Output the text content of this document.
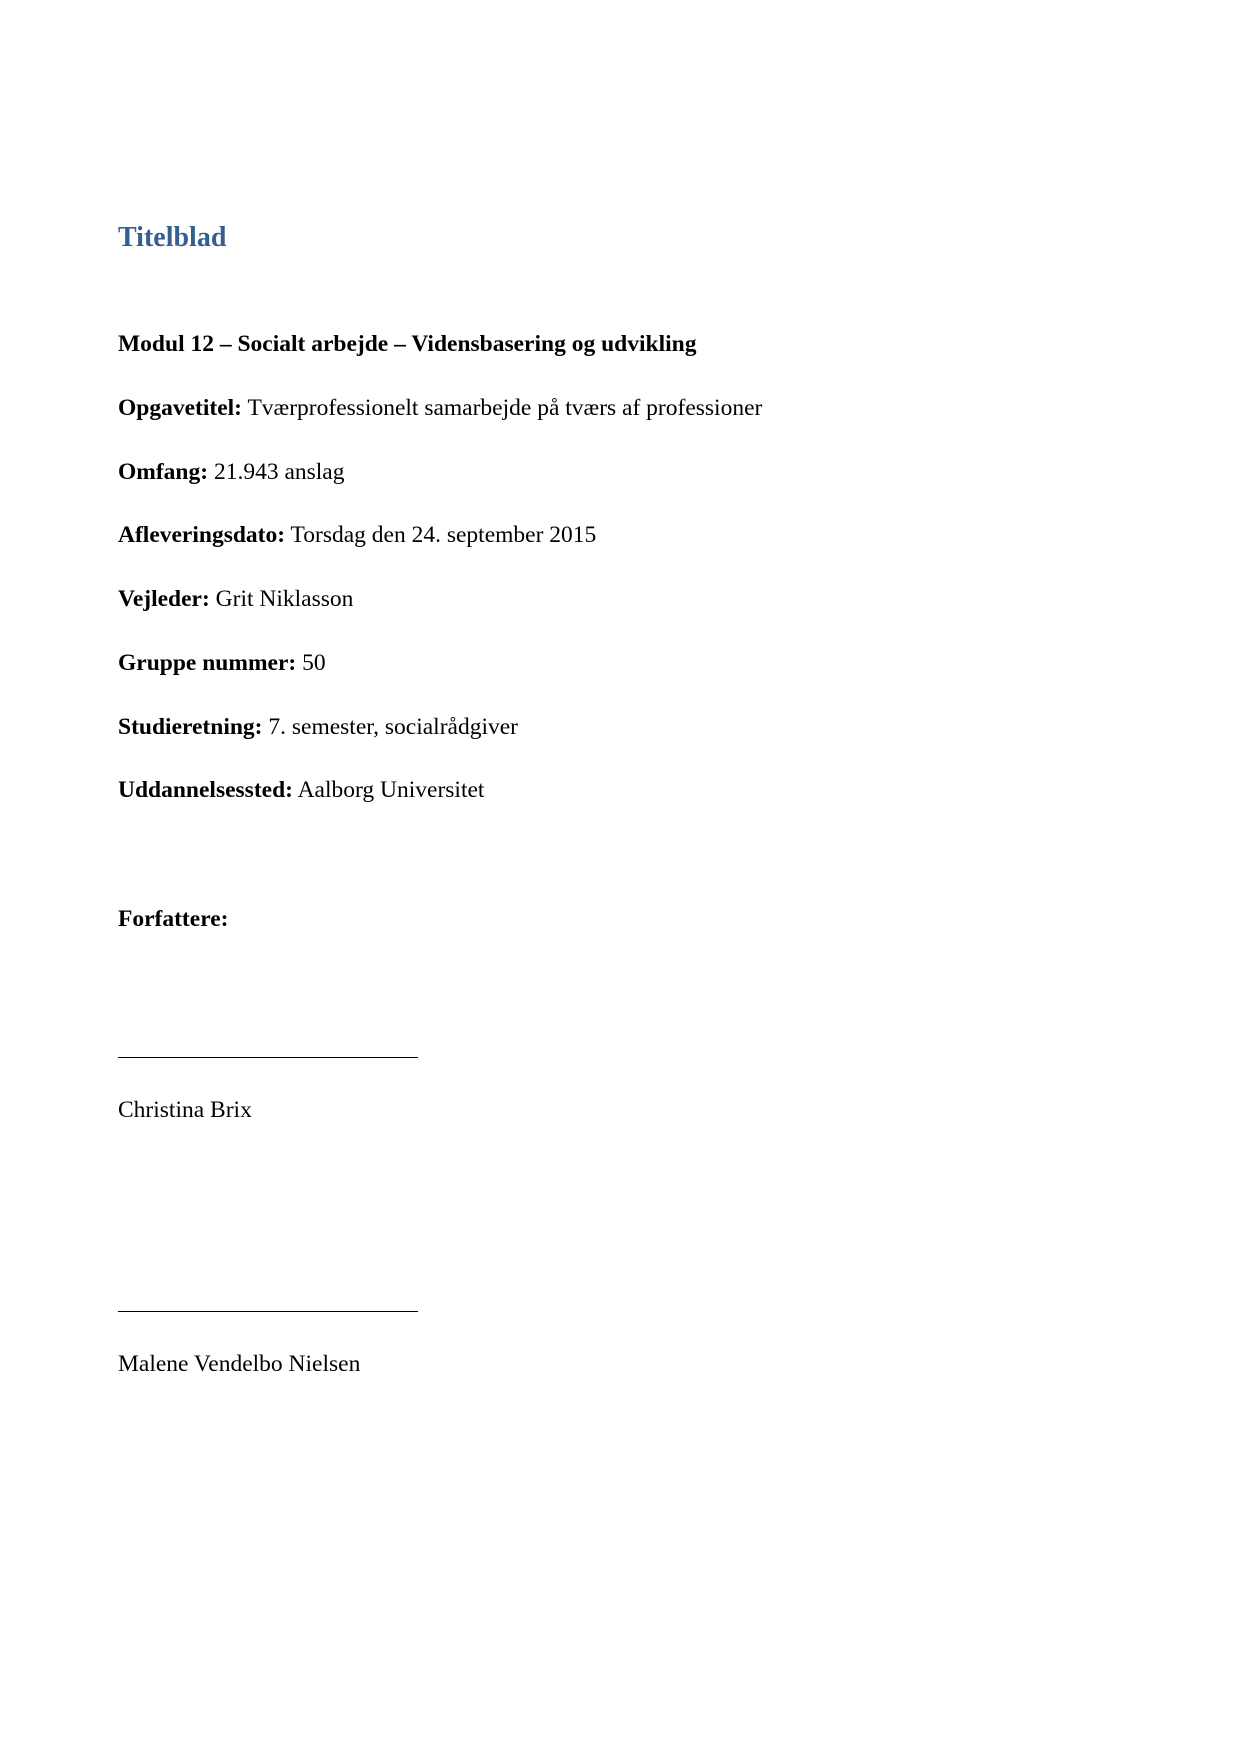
Titelblad

Modul 12 – Socialt arbejde – Vidensbasering og udvikling

Opgavetitel: Tværprofessionelt samarbejde på tværs af professioner

Omfang: 21.943 anslag

Afleveringsdato: Torsdag den 24. september 2015

Vejleder: Grit Niklasson

Gruppe nummer: 50

Studieretning: 7. semester, socialrådgiver

Uddannelsessted: Aalborg Universitet

Forfattere:

Christina Brix

Malene Vendelbo Nielsen
